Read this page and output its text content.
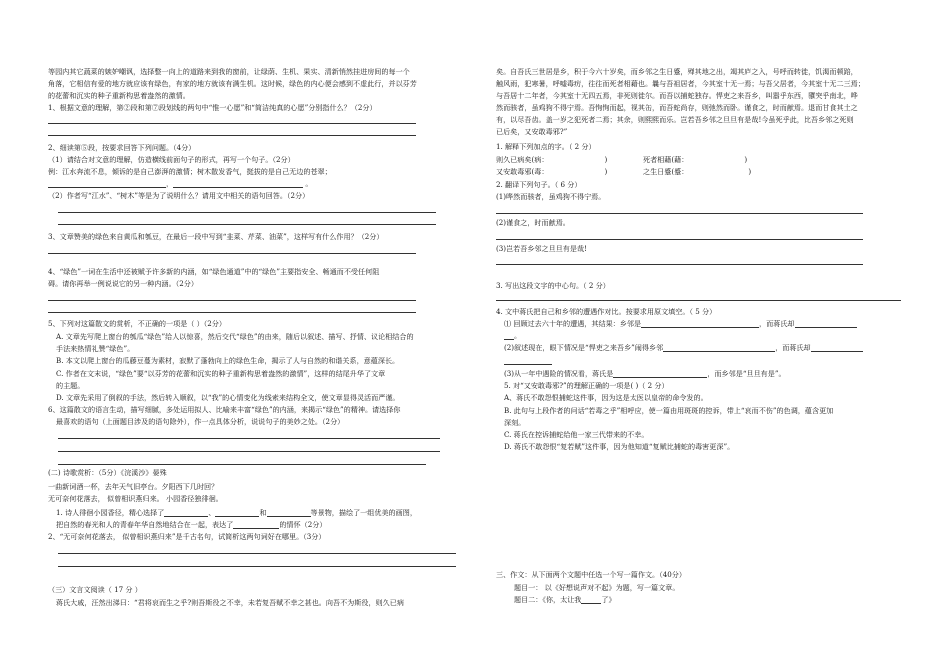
等园内其它蔬菜的嫉妒嘲讽，选择整一向上的道路来到我的窗前，让绿荫、生机、果实、清新悄然挂进房间的每一个
角落，它相信有爱的地方就应该有绿色，有家的地方就该有满生机。这时候，绿色的内心便会感到不虚此行，并以芬芳
的花蕾和沉实的种子重新构思着盎然的激情。
1、根据文意的理解，第②段和第⑦段划线的两句中“惟一心愿”和“简洁纯真的心愿”分别指什么？（2分）
2、细读第⑤段，按要求回答下列问题。（4分）
（1）请结合对文意的理解，仿造横线前面句子的形式，再写一个句子。（2分）
例：江水奔流不息，倾诉的是自己澎湃的激情；树木散发香气，挺拔的是自己无边的苍翠；
，	。
（2）作者写“江水”、“树木”等是为了说明什么？请用文中相关的语句回答。（2分）
3、文章赞美的绿色来自黄瓜和瓠豆，在最后一段中写到“韭菜、芹菜、油菜”，这样写有什么作用？（2分）
4、“绿色”一词在生活中还被赋予许多新的内涵，如“绿色通道”中的“绿色”主要指安全、畅通而不受任何阻
碍。请你再举一例说说它的另一种内涵。（2分）
5、下列对这篇散文的赏析，不正确的一项是（ ）（2分）
A. 文章先写爬上窗台的瓠瓜“绿色”给人以惊喜，然后交代“绿色”的由来，随后以叙述、描写、抒情、议论相结合的
手法来热情礼赞“绿色”。
B. 本文以爬上窗台的瓜藤豆蔓为素材，寂默了蓬勃向上的绿色生命，揭示了人与自然的和谐关系，意蕴深长。
C. 作者在文末说，“绿色”要“以芬芳的花蕾和沉实的种子重新构思着盎然的激情”，这样的结尾升华了文章
的主题。
D. 文章先采用了倒叙的手法，然后转入顺叙，以“我”的心情变化为线索来结构全文，使文章显得灵活而严谨。
6、这篇散文的语言生动，描写细腻，多处运用拟人、比喻来丰富“绿色”的内涵，来揭示“绿色”的精神。请选择你
最喜欢的语句（上面题目涉及的语句除外），作一点具体分析，说说句子的美妙之处。（2分）
(二) 诗歌赏析：（5分）《浣溪沙》晏殊
一曲新词酒一杯，去年天气旧亭台。夕阳西下几时回？
无可奈何花落去， 似曾相识燕归来。 小园香径独徘徊。
1. 诗人徘徊小园香径，精心选择了	、	和	等景物，描绘了一组优美的画图，
把自然的春光和人的青春年华自然地结合在一起，表达了	的情怀（2分）
2、“无可奈何花落去， 似曾相识燕归来”是千古名句，试简析这两句词好在哪里。（3分）
（三）文言文阅读（ 17 分 ）
蒋氏大戚，汪然出涕曰：“君将哀而生之乎?则吾斯役之不幸，未若复吾赋不幸之甚也。向吾不为斯役，则久已病
矣。自吾氏三世居是乡，积于今六十岁矣，而乡邻之生日蹙，殚其地之出，竭其庐之入，号呼而转徙，饥渴而顿踣，
触风雨，犯寒暑，呼嘘毒疠，往往而死者相藉也。曩与吾祖居者，今其室十无一焉；与吾父居者，今其室十无二三焉；
与吾居十二年者，今其室十无四五焉，非死则徙尔。而吾以捕蛇独存。悍吏之来吾乡，叫嚣乎东西，隳突乎南北，哗
然而骇者，虽鸡狗不得宁焉。吾恂恂而起，视其缶，而吾蛇尚存，则弛然而卧。谨食之，时而献焉。退而甘食其土之
有，以尽吾齿。盖一岁之犯死者二焉；其余，则熙熙而乐。岂若吾乡邻之旦旦有是哉!今虽死乎此，比吾乡邻之死则
已后矣，又安敢毒邪?”
1. 解释下列加点的字。（ 2 分）
则久已病矣(病：	)	死者相藉(藉：	)
又安敢毒邪(毒：	)	之生日蹙(蹙：	)
2. 翻译下列句子。（ 6 分）
(1)哗然而骇者，虽鸡狗不得宁焉。
(2)谨食之，时而献焉。
(3)岂若吾乡邻之旦旦有是哉!
3. 写出这段文字的中心句。（ 2 分）
4. 文中蒋氏把自己和乡邻的遭遇作对比。按要求用原文填空。（ 5 分）
⑴ 回顾过去六十年的遭遇，其结果：乡邻是	，而蒋氏却
。
(2)叙述现在，眼下情况是“悍吏之来吾乡”闹得乡邻	，而蒋氏却
(3)从一年中遇险的情况看，蒋氏是	，而乡邻是“旦旦有是”。
5. 对“又安敢毒邪?”的理解正确的一项是( )（ 2 分）
A、蒋氏不敢怨恨捕蛇这件事，因为这是太医以皇帝的命令发的。
B. 此句与上段作者的问话“若毒之乎”相呼应，使一篇由用斑斑的控诉，带上“哀而不伤”的色调，蕴含更加
深刻。
C. 蒋氏在控诉捕蛇给他一家三代带来的不幸。
D. 蒋氏不敢怨恨“复若赋”这件事，因为他知道“复赋比捕蛇的毒害更深”。
三、作文：从下面两个文题中任选一个写一篇作文。（40分）
题目一： 以《好想说声对不起》为题，写一篇文章。
题目二：《你，太让我	了》
